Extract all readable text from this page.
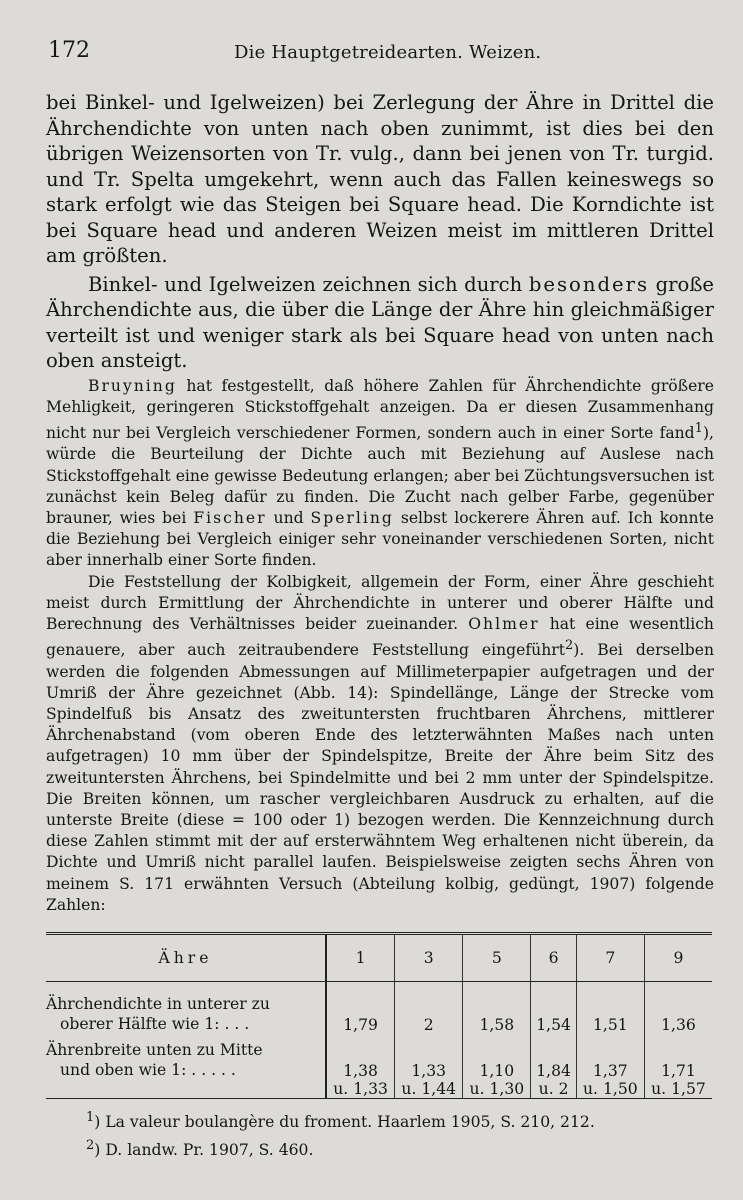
172	Die Hauptgetreidearten. Weizen.

bei Binkel- und Igelweizen) bei Zerlegung der Ähre in Drittel die Ährchendichte von unten nach oben zunimmt, ist dies bei den übrigen Weizensorten von Tr. vulg., dann bei jenen von Tr. turgid. und Tr. Spelta umgekehrt, wenn auch das Fallen keineswegs so stark erfolgt wie das Steigen bei Square head. Die Korndichte ist bei Square head und anderen Weizen meist im mittleren Drittel am größten.

Binkel- und Igelweizen zeichnen sich durch besonders große Ährchendichte aus, die über die Länge der Ähre hin gleichmäßiger verteilt ist und weniger stark als bei Square head von unten nach oben ansteigt.

Bruyning hat festgestellt, daß höhere Zahlen für Ährchendichte größere Mehligkeit, geringeren Stickstoffgehalt anzeigen. Da er diesen Zusammenhang nicht nur bei Vergleich verschiedener Formen, sondern auch in einer Sorte fand$^1$), würde die Beurteilung der Dichte auch mit Beziehung auf Auslese nach Stickstoffgehalt eine gewisse Bedeutung erlangen; aber bei Züchtungsversuchen ist zunächst kein Beleg dafür zu finden. Die Zucht nach gelber Farbe, gegenüber brauner, wies bei Fischer und Sperling selbst lockerere Ähren auf. Ich konnte die Beziehung bei Vergleich einiger sehr voneinander verschiedenen Sorten, nicht aber innerhalb einer Sorte finden.

Die Feststellung der Kolbigkeit, allgemein der Form, einer Ähre geschieht meist durch Ermittlung der Ährchendichte in unterer und oberer Hälfte und Berechnung des Verhältnisses beider zueinander. Ohlmer hat eine wesentlich genauere, aber auch zeitraubendere Feststellung eingeführt$^2$). Bei derselben werden die folgenden Abmessungen auf Millimeterpapier aufgetragen und der Umriß der Ähre gezeichnet (Abb. 14): Spindellänge, Länge der Strecke vom Spindelfuß bis Ansatz des zweituntersten fruchtbaren Ährchens, mittlerer Ährchenabstand (vom oberen Ende des letzterwähnten Maßes nach unten aufgetragen) 10 mm über der Spindelspitze, Breite der Ähre beim Sitz des zweituntersten Ährchens, bei Spindelmitte und bei 2 mm unter der Spindelspitze. Die Breiten können, um rascher vergleichbaren Ausdruck zu erhalten, auf die unterste Breite (diese = 100 oder 1) bezogen werden. Die Kennzeichnung durch diese Zahlen stimmt mit der auf ersterwähntem Weg erhaltenen nicht überein, da Dichte und Umriß nicht parallel laufen. Beispielsweise zeigten sechs Ähren von meinem S. 171 erwähnten Versuch (Abteilung kolbig, gedüngt, 1907) folgende Zahlen:

Ähre	1	3	5	6	7	9

Ährchendichte in unterer zu
oberer Hälfte wie 1: . . .	1,79	2	1,58	1,54	1,51	1,36

Ährenbreite unten zu Mitte
und oben wie 1: . . . . .	1,38	1,33	1,10	1,84	1,37	1,71
	u. 1,33	u. 1,44	u. 1,30	u. 2	u. 1,50	u. 1,57
$^1$) La valeur boulangère du froment. Haarlem 1905, S. 210, 212.
$^2$) D. landw. Pr. 1907, S. 460.
